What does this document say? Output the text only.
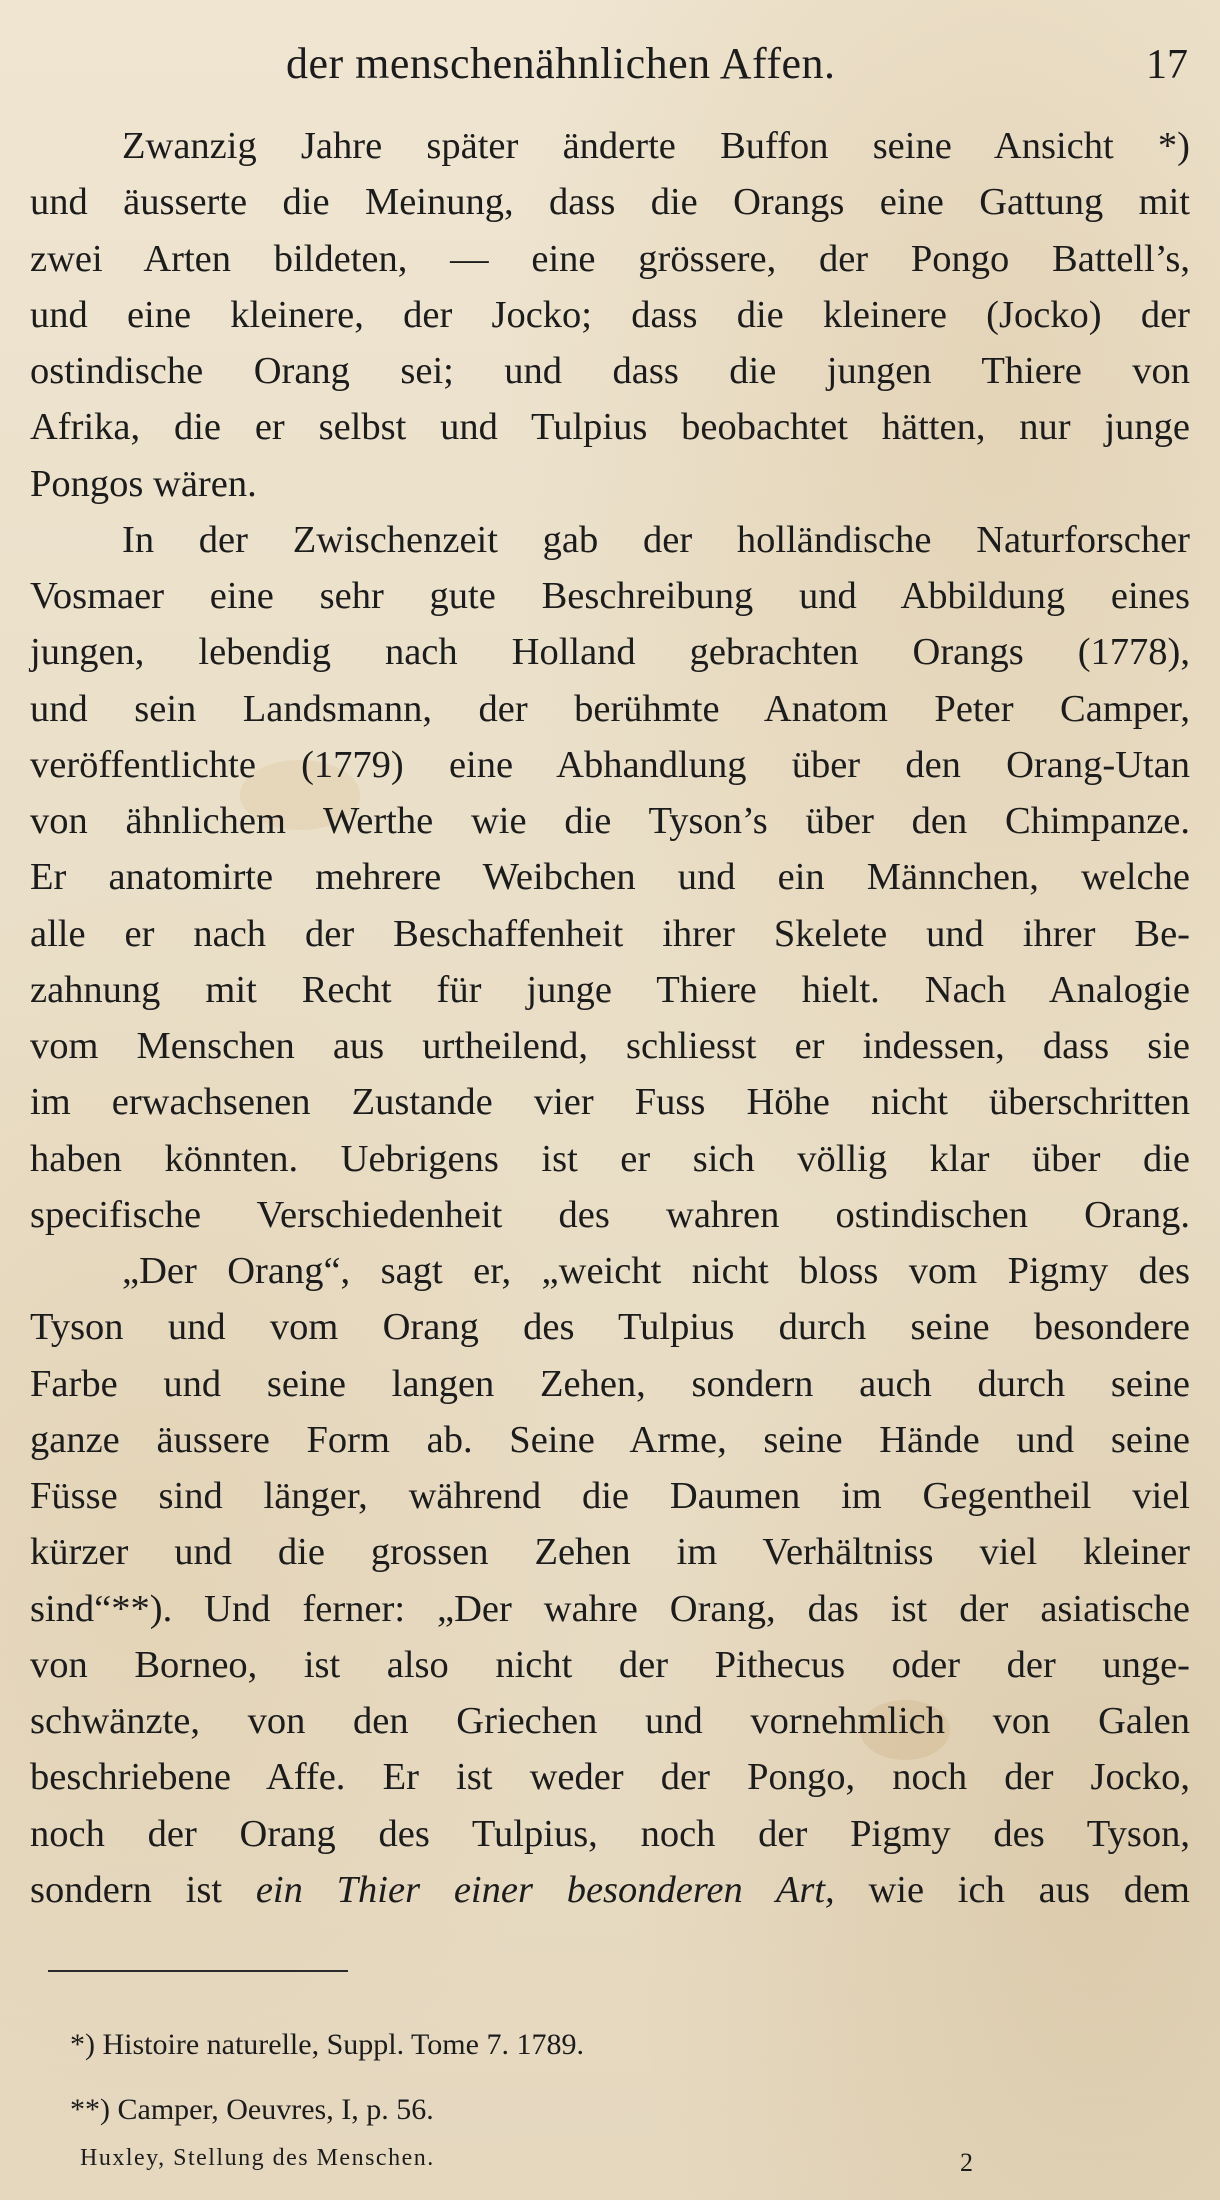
der menschenähnlichen Affen.	17
Zwanzig Jahre später änderte Buffon seine Ansicht *)
und äusserte die Meinung, dass die Orangs eine Gattung mit
zwei Arten bildeten, — eine grössere, der Pongo Battell’s,
und eine kleinere, der Jocko; dass die kleinere (Jocko) der
ostindische Orang sei; und dass die jungen Thiere von
Afrika, die er selbst und Tulpius beobachtet hätten, nur junge
Pongos wären.
In der Zwischenzeit gab der holländische Naturforscher
Vosmaer eine sehr gute Beschreibung und Abbildung eines
jungen, lebendig nach Holland gebrachten Orangs (1778),
und sein Landsmann, der berühmte Anatom Peter Camper,
veröffentlichte (1779) eine Abhandlung über den Orang-Utan
von ähnlichem Werthe wie die Tyson’s über den Chimpanze.
Er anatomirte mehrere Weibchen und ein Männchen, welche
alle er nach der Beschaffenheit ihrer Skelete und ihrer Be-
zahnung mit Recht für junge Thiere hielt. Nach Analogie
vom Menschen aus urtheilend, schliesst er indessen, dass sie
im erwachsenen Zustande vier Fuss Höhe nicht überschritten
haben könnten. Uebrigens ist er sich völlig klar über die
specifische Verschiedenheit des wahren ostindischen Orang.
„Der Orang“, sagt er, „weicht nicht bloss vom Pigmy des
Tyson und vom Orang des Tulpius durch seine besondere
Farbe und seine langen Zehen, sondern auch durch seine
ganze äussere Form ab. Seine Arme, seine Hände und seine
Füsse sind länger, während die Daumen im Gegentheil viel
kürzer und die grossen Zehen im Verhältniss viel kleiner
sind“**). Und ferner: „Der wahre Orang, das ist der asiatische
von Borneo, ist also nicht der Pithecus oder der unge-
schwänzte, von den Griechen und vornehmlich von Galen
beschriebene Affe. Er ist weder der Pongo, noch der Jocko,
noch der Orang des Tulpius, noch der Pigmy des Tyson,
sondern ist ein Thier einer besonderen Art, wie ich aus dem
*) Histoire naturelle, Suppl. Tome 7. 1789.
**) Camper, Oeuvres, I, p. 56.
Huxley, Stellung des Menschen.	2
